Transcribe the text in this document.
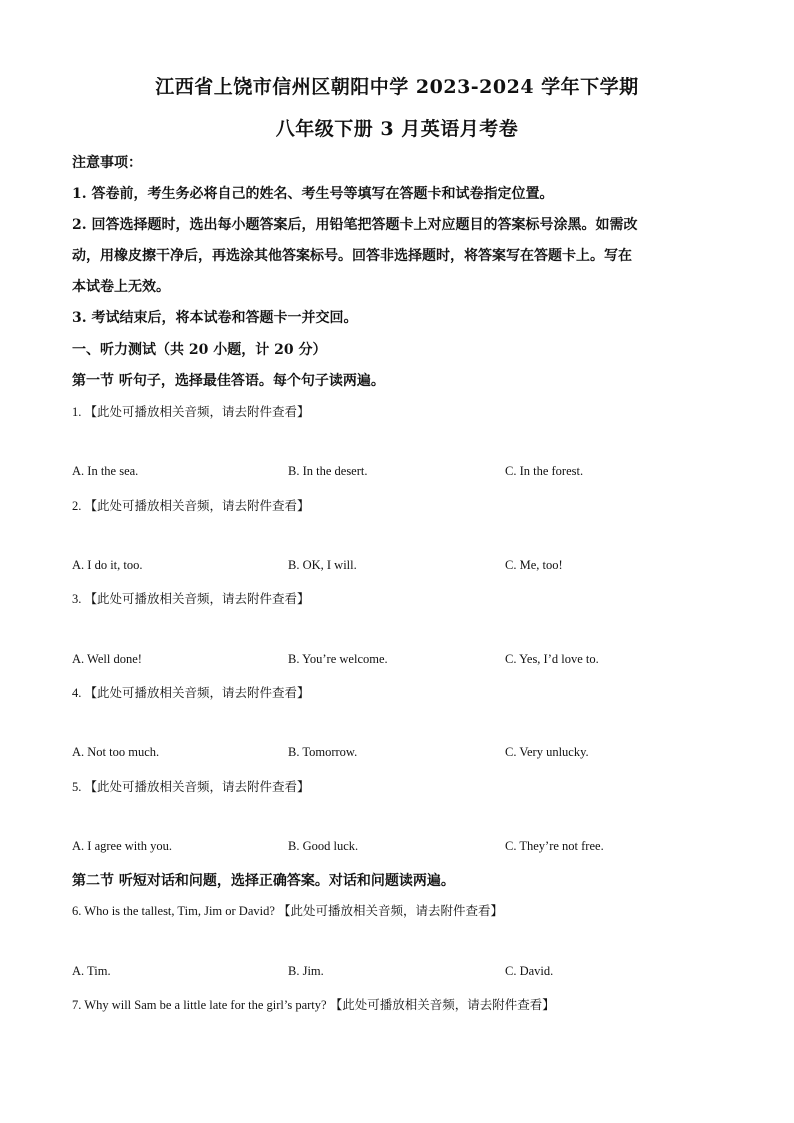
江西省上饶市信州区朝阳中学 2023-2024 学年下学期
八年级下册 3 月英语月考卷
注意事项：
1. 答卷前，考生务必将自己的姓名、考生号等填写在答题卡和试卷指定位置。
2. 回答选择题时，选出每小题答案后，用铅笔把答题卡上对应题目的答案标号涂黑。如需改
动，用橡皮擦干净后，再选涂其他答案标号。回答非选择题时，将答案写在答题卡上。写在
本试卷上无效。
3. 考试结束后，将本试卷和答题卡一并交回。
一、听力测试（共 20 小题，计 20 分）
第一节 听句子，选择最佳答语。每个句子读两遍。
1. 【此处可播放相关音频，请去附件查看】
A. In the sea.	B. In the desert.	C. In the forest.
2. 【此处可播放相关音频，请去附件查看】
A. I do it, too.	B. OK, I will.	C. Me, too!
3. 【此处可播放相关音频，请去附件查看】
A. Well done!	B. You’re welcome.	C. Yes, I’d love to.
4. 【此处可播放相关音频，请去附件查看】
A. Not too much.	B. Tomorrow.	C. Very unlucky.
5. 【此处可播放相关音频，请去附件查看】
A. I agree with you.	B. Good luck.	C. They’re not free.
第二节 听短对话和问题，选择正确答案。对话和问题读两遍。
6. Who is the tallest, Tim, Jim or David? 【此处可播放相关音频，请去附件查看】
A. Tim.	B. Jim.	C. David.
7. Why will Sam be a little late for the girl’s party? 【此处可播放相关音频，请去附件查看】
